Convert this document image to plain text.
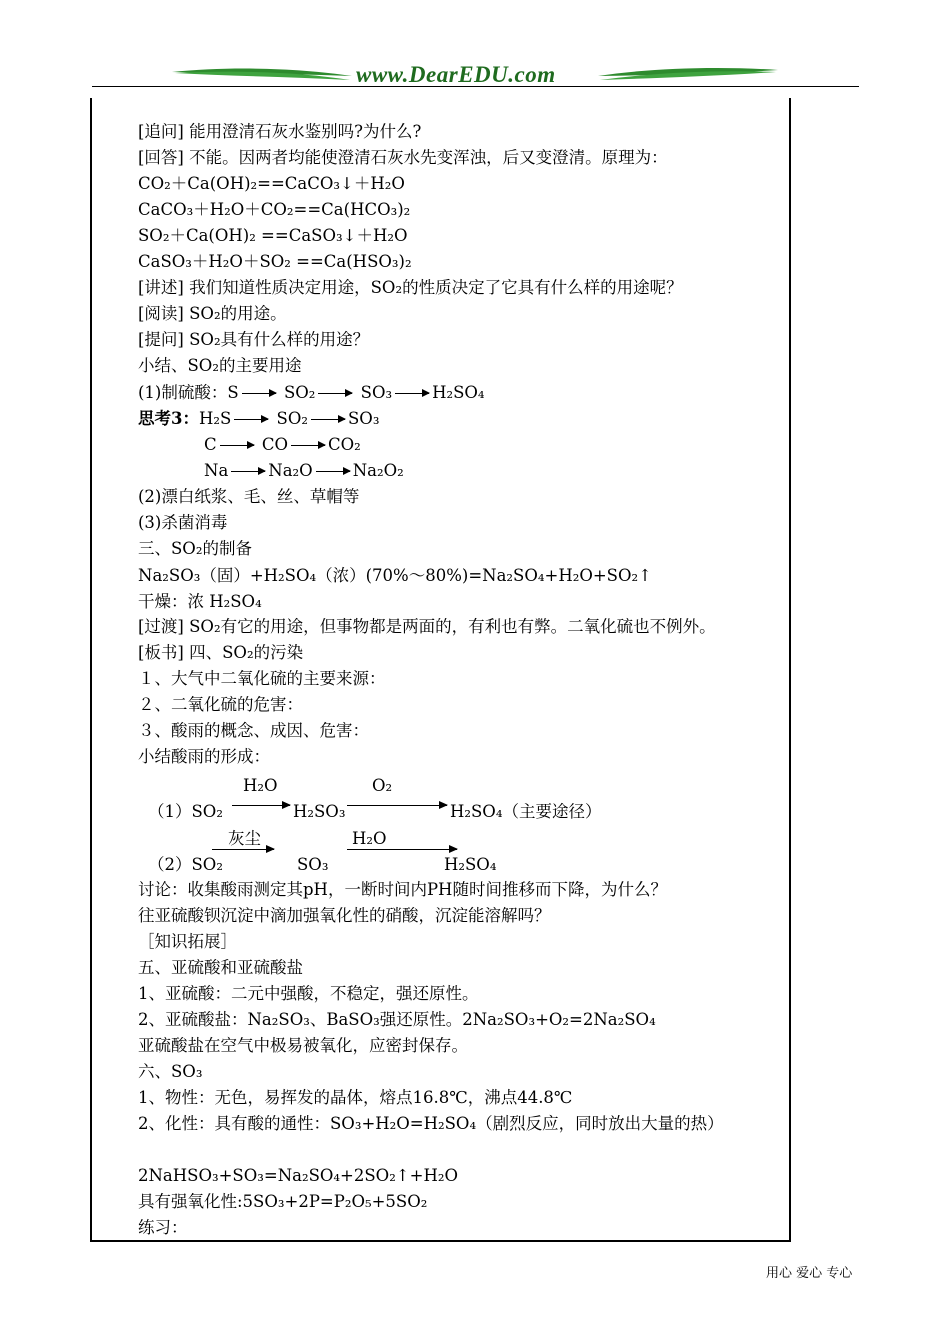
www.DearEDU.com
[追问] 能用澄清石灰水鉴别吗?为什么?
[回答] 不能。因两者均能使澄清石灰水先变浑浊，后又变澄清。原理为：
CO₂＋Ca(OH)₂==CaCO₃↓＋H₂O
CaCO₃＋H₂O＋CO₂==Ca(HCO₃)₂
SO₂＋Ca(OH)₂ ==CaSO₃↓＋H₂O
CaSO₃＋H₂O＋SO₂ ==Ca(HSO₃)₂
[讲述] 我们知道性质决定用途，SO₂的性质决定了它具有什么样的用途呢？
[阅读] SO₂的用途。
[提问] SO₂具有什么样的用途？
小结、SO₂的主要用途
(1)制硫酸：S	SO₂	SO₃ H₂SO₄
思考3：H₂S	SO₂ SO₃
C	CO CO₂
Na Na₂O Na₂O₂
(2)漂白纸浆、毛、丝、草帽等
(3)杀菌消毒
三、SO₂的制备
Na₂SO₃（固）+H₂SO₄（浓）(70%～80%)=Na₂SO₄+H₂O+SO₂↑
干燥：浓 H₂SO₄
[过渡] SO₂有它的用途，但事物都是两面的，有利也有弊。二氧化硫也不例外。
[板书] 四、SO₂的污染
１、大气中二氧化硫的主要来源：
２、二氧化硫的危害：
３、酸雨的概念、成因、危害：
小结酸雨的形成：
H₂O	O₂
（1）SO₂	H₂SO₃	H₂SO₄（主要途径）
灰尘	H₂O
（2）SO₂	SO₃	H₂SO₄
讨论：收集酸雨测定其pH，一断时间内PH随时间推移而下降，为什么？
往亚硫酸钡沉淀中滴加强氧化性的硝酸，沉淀能溶解吗？
［知识拓展］
五、亚硫酸和亚硫酸盐
1、亚硫酸：二元中强酸，不稳定，强还原性。
2、亚硫酸盐：Na₂SO₃、BaSO₃强还原性。2Na₂SO₃+O₂=2Na₂SO₄
亚硫酸盐在空气中极易被氧化，应密封保存。
六、SO₃
1、物性：无色，易挥发的晶体，熔点16.8℃，沸点44.8℃
2、化性：具有酸的通性：SO₃+H₂O=H₂SO₄（剧烈反应，同时放出大量的热）
2NaHSO₃+SO₃=Na₂SO₄+2SO₂↑+H₂O
具有强氧化性:5SO₃+2P=P₂O₅+5SO₂
练习：
用心 爱心 专心
